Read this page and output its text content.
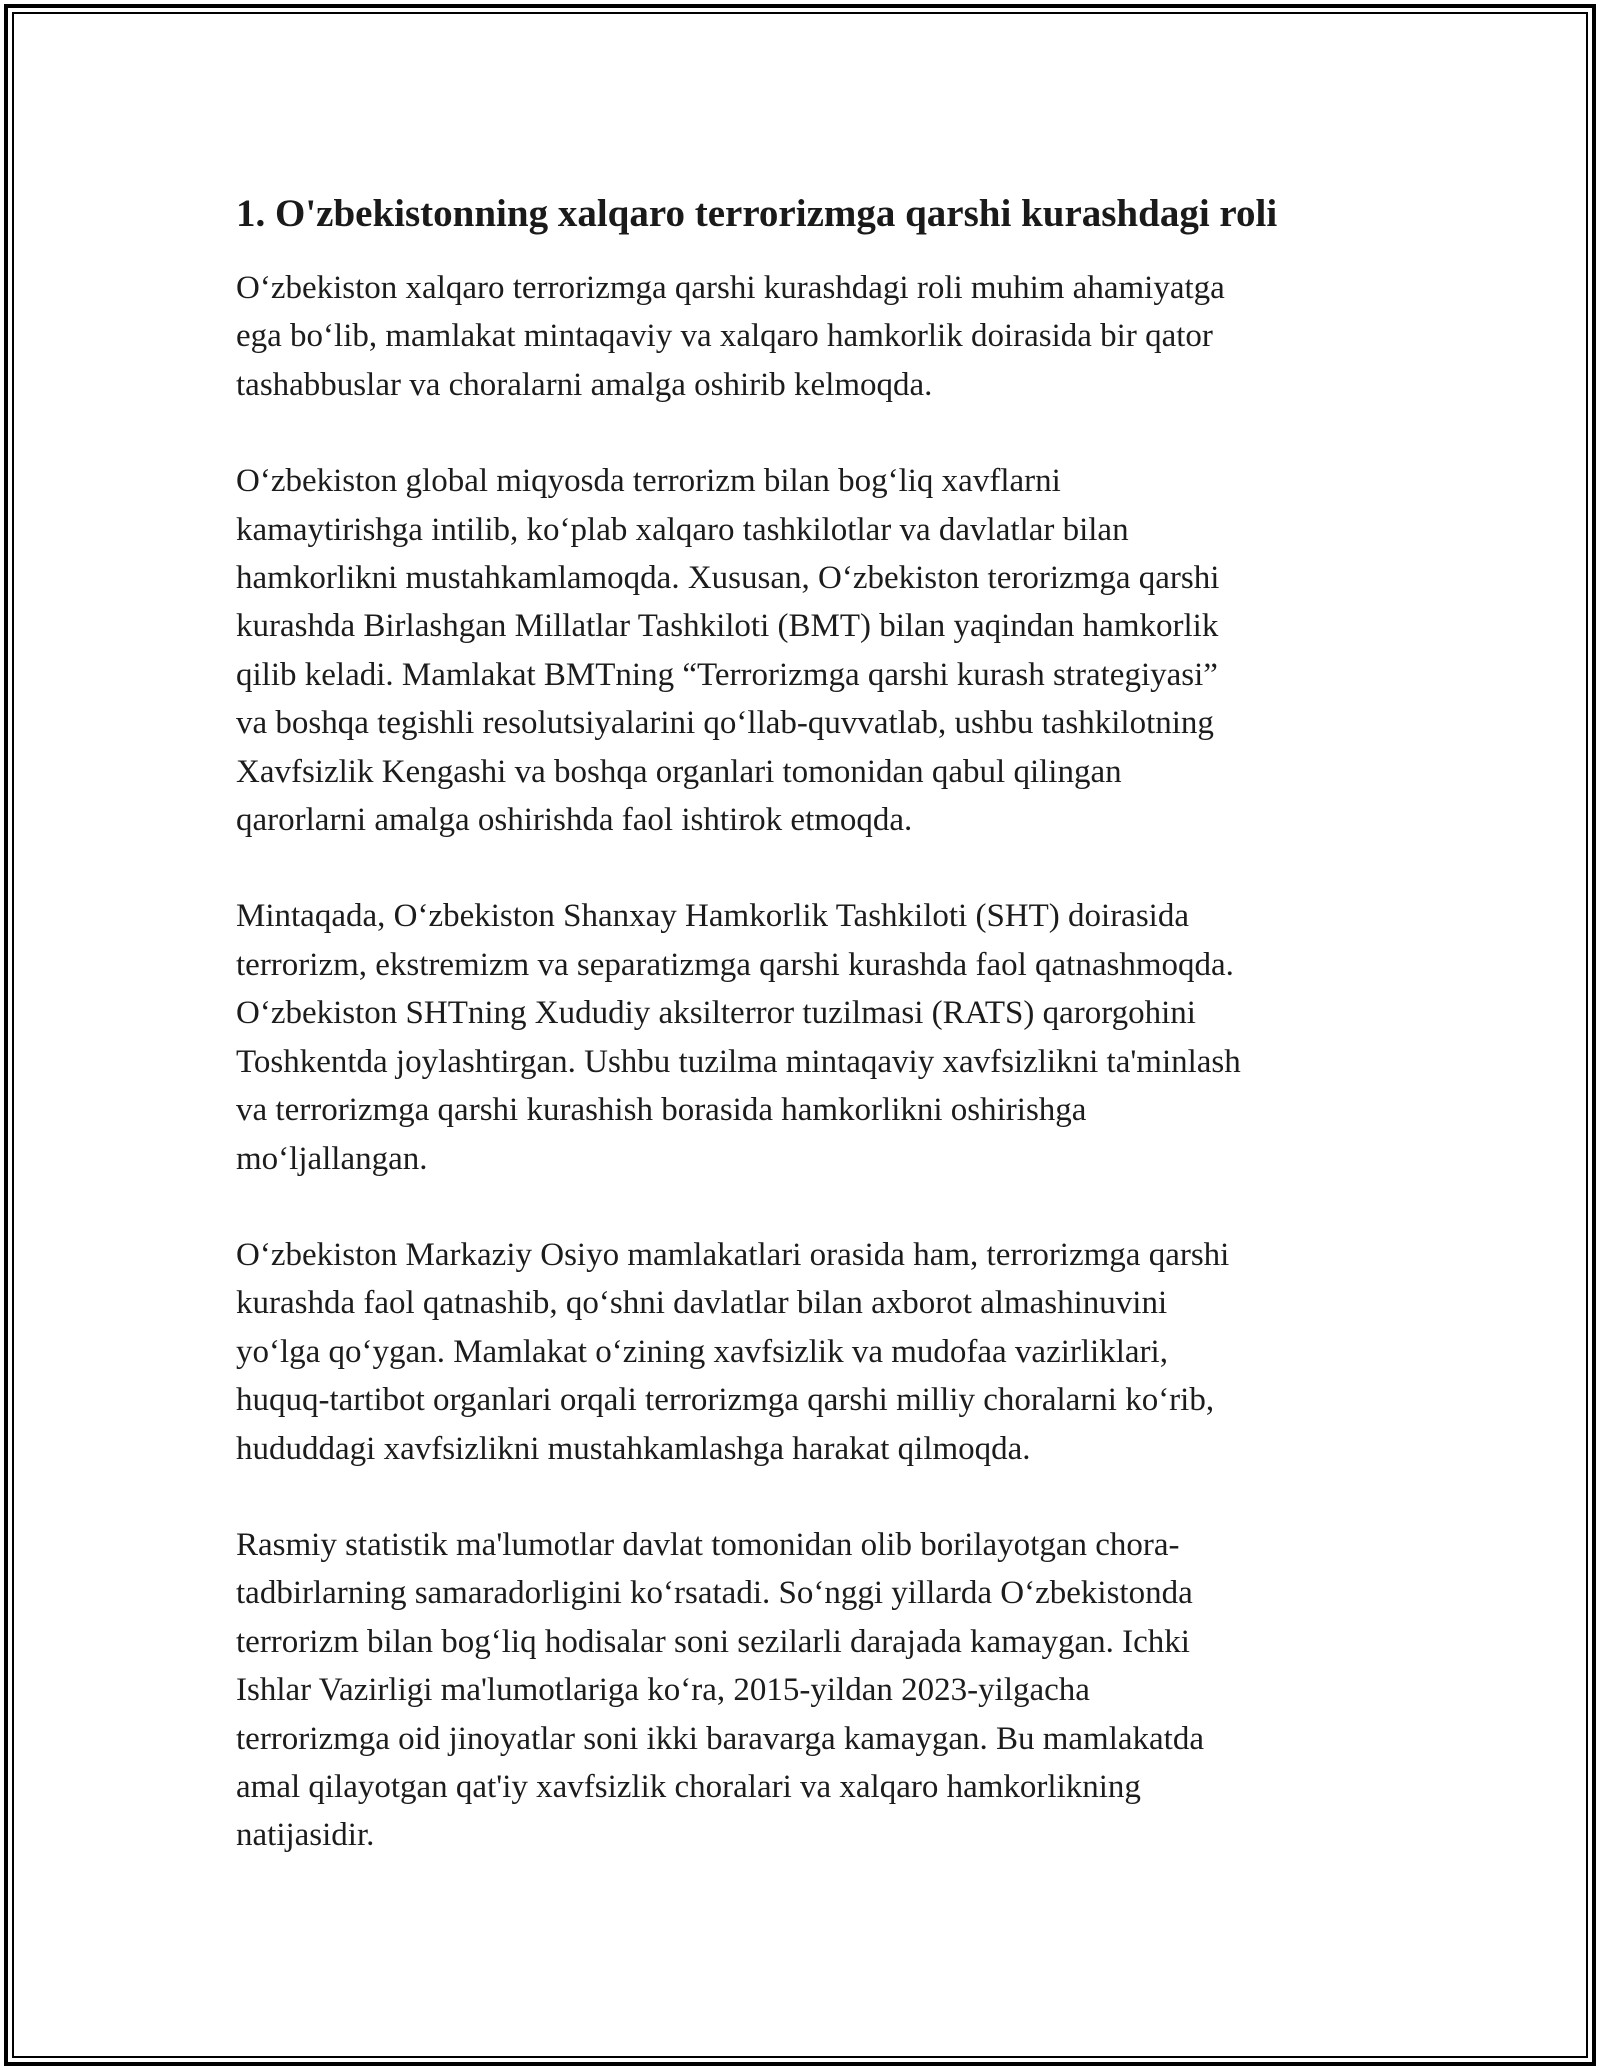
1. O'zbekistonning xalqaro terrorizmga qarshi kurashdagi roli

O‘zbekiston xalqaro terrorizmga qarshi kurashdagi roli muhim ahamiyatga
ega bo‘lib, mamlakat mintaqaviy va xalqaro hamkorlik doirasida bir qator
tashabbuslar va choralarni amalga oshirib kelmoqda.

O‘zbekiston global miqyosda terrorizm bilan bog‘liq xavflarni
kamaytirishga intilib, ko‘plab xalqaro tashkilotlar va davlatlar bilan
hamkorlikni mustahkamlamoqda. Xususan, O‘zbekiston terorizmga qarshi
kurashda Birlashgan Millatlar Tashkiloti (BMT) bilan yaqindan hamkorlik
qilib keladi. Mamlakat BMTning “Terrorizmga qarshi kurash strategiyasi”
va boshqa tegishli resolutsiyalarini qo‘llab-quvvatlab, ushbu tashkilotning
Xavfsizlik Kengashi va boshqa organlari tomonidan qabul qilingan
qarorlarni amalga oshirishda faol ishtirok etmoqda.

Mintaqada, O‘zbekiston Shanxay Hamkorlik Tashkiloti (SHT) doirasida
terrorizm, ekstremizm va separatizmga qarshi kurashda faol qatnashmoqda.
O‘zbekiston SHTning Xududiy aksilterror tuzilmasi (RATS) qarorgohini
Toshkentda joylashtirgan. Ushbu tuzilma mintaqaviy xavfsizlikni ta'minlash
va terrorizmga qarshi kurashish borasida hamkorlikni oshirishga
mo‘ljallangan.

O‘zbekiston Markaziy Osiyo mamlakatlari orasida ham, terrorizmga qarshi
kurashda faol qatnashib, qo‘shni davlatlar bilan axborot almashinuvini
yo‘lga qo‘ygan. Mamlakat o‘zining xavfsizlik va mudofaa vazirliklari,
huquq-tartibot organlari orqali terrorizmga qarshi milliy choralarni ko‘rib,
hududdagi xavfsizlikni mustahkamlashga harakat qilmoqda.

Rasmiy statistik ma'lumotlar davlat tomonidan olib borilayotgan chora-
tadbirlarning samaradorligini ko‘rsatadi. So‘nggi yillarda O‘zbekistonda
terrorizm bilan bog‘liq hodisalar soni sezilarli darajada kamaygan. Ichki
Ishlar Vazirligi ma'lumotlariga ko‘ra, 2015-yildan 2023-yilgacha
terrorizmga oid jinoyatlar soni ikki baravarga kamaygan. Bu mamlakatda
amal qilayotgan qat'iy xavfsizlik choralari va xalqaro hamkorlikning
natijasidir.
